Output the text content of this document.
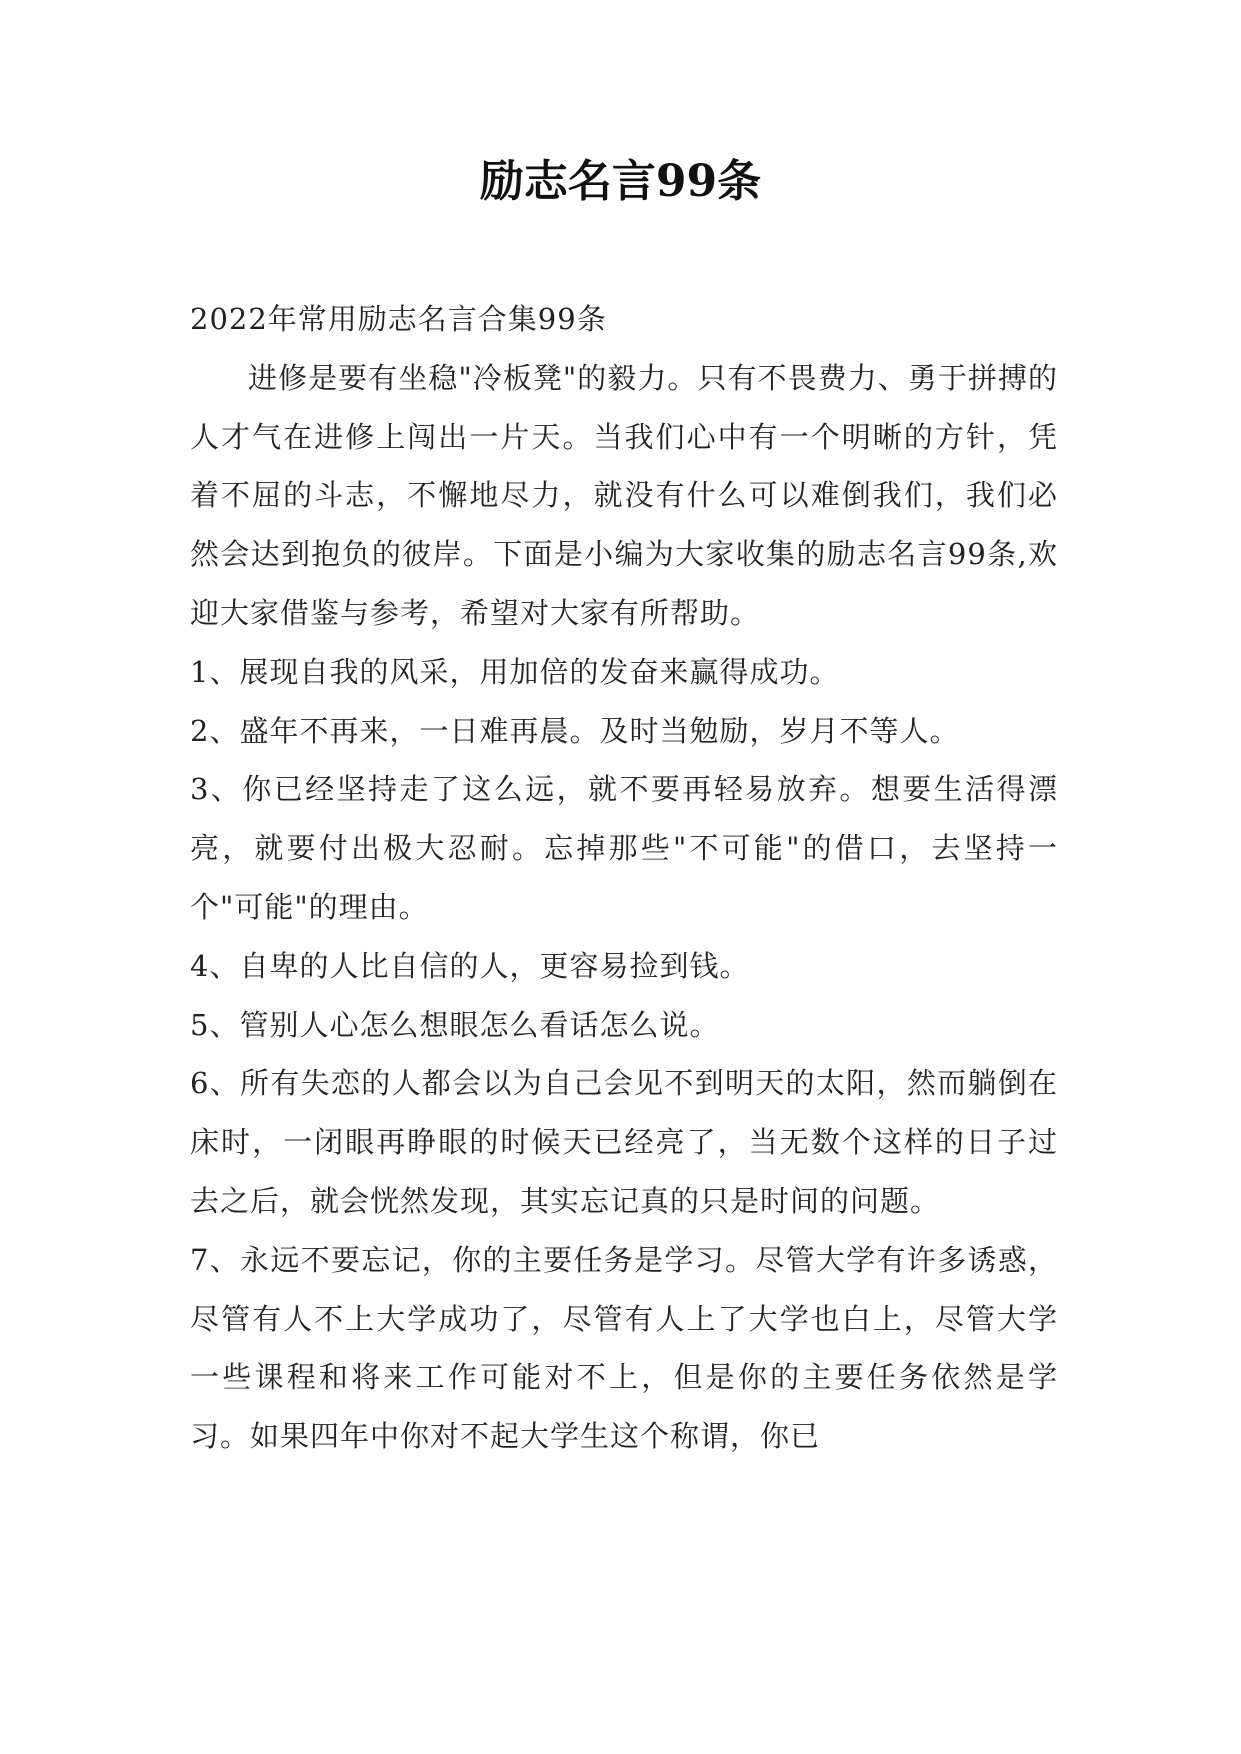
励志名言99条

2022年常用励志名言合集99条

进修是要有坐稳"冷板凳"的毅力。只有不畏费力、勇于拼搏的人才气在进修上闯出一片天。当我们心中有一个明晰的方针，凭着不屈的斗志，不懈地尽力，就没有什么可以难倒我们，我们必然会达到抱负的彼岸。下面是小编为大家收集的励志名言99条,欢迎大家借鉴与参考，希望对大家有所帮助。

1、展现自我的风采，用加倍的发奋来赢得成功。

2、盛年不再来，一日难再晨。及时当勉励，岁月不等人。

3、你已经坚持走了这么远，就不要再轻易放弃。想要生活得漂亮，就要付出极大忍耐。忘掉那些"不可能"的借口，去坚持一个"可能"的理由。

4、自卑的人比自信的人，更容易捡到钱。

5、管别人心怎么想眼怎么看话怎么说。

6、所有失恋的人都会以为自己会见不到明天的太阳，然而躺倒在床时，一闭眼再睁眼的时候天已经亮了，当无数个这样的日子过去之后，就会恍然发现，其实忘记真的只是时间的问题。

7、永远不要忘记，你的主要任务是学习。尽管大学有许多诱惑，尽管有人不上大学成功了，尽管有人上了大学也白上，尽管大学一些课程和将来工作可能对不上，但是你的主要任务依然是学习。如果四年中你对不起大学生这个称谓，你已
